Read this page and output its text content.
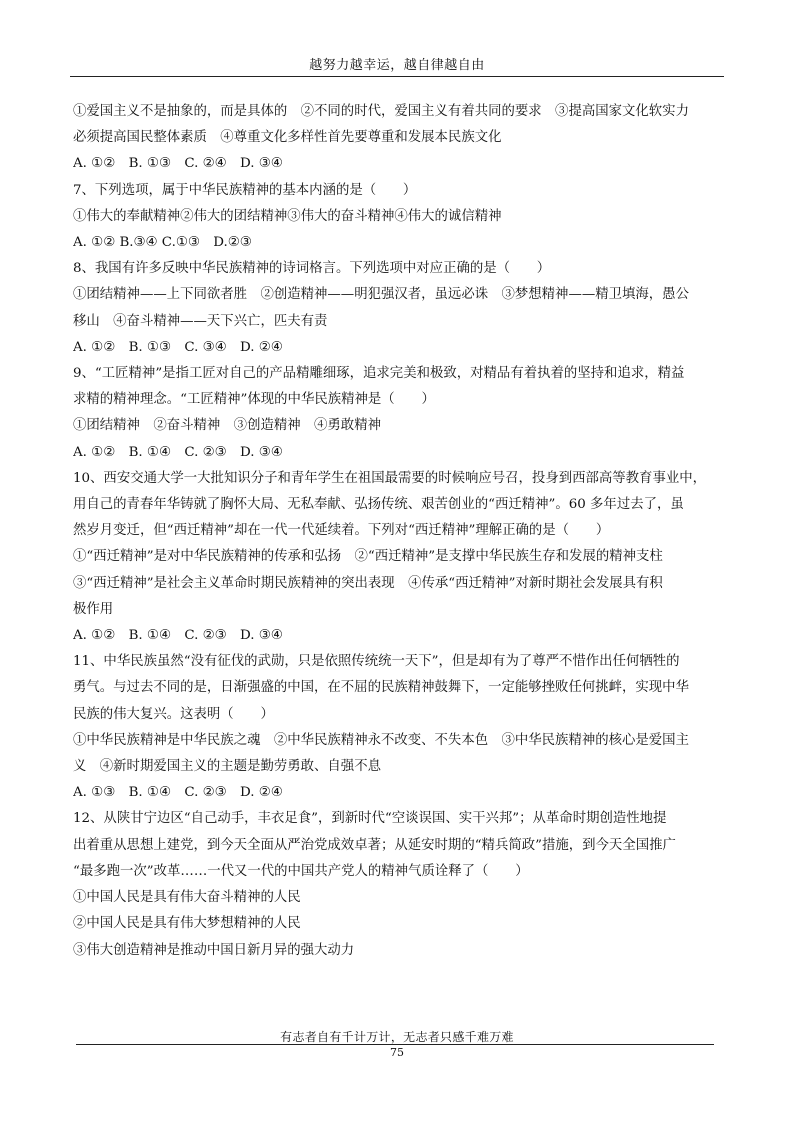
越努力越幸运，越自律越自由
①爱国主义不是抽象的，而是具体的　②不同的时代，爱国主义有着共同的要求　③提高国家文化软实力
必须提高国民整体素质　④尊重文化多样性首先要尊重和发展本民族文化
A. ①②　B. ①③　C. ②④　D. ③④
7、下列选项，属于中华民族精神的基本内涵的是（　　）
①伟大的奉献精神②伟大的团结精神③伟大的奋斗精神④伟大的诚信精神
A. ①② B.③④ C.①③　D.②③
8、我国有许多反映中华民族精神的诗词格言。下列选项中对应正确的是（　　）
①团结精神——上下同欲者胜　②创造精神——明犯强汉者，虽远必诛　③梦想精神——精卫填海，愚公
移山　④奋斗精神——天下兴亡，匹夫有责
A. ①②　B. ①③　C. ③④　D. ②④
9、“工匠精神”是指工匠对自己的产品精雕细琢，追求完美和极致，对精品有着执着的坚持和追求，精益
求精的精神理念。“工匠精神”体现的中华民族精神是（　　）
①团结精神　②奋斗精神　③创造精神　④勇敢精神
A. ①②　B. ①④　C. ②③　D. ③④
10、西安交通大学一大批知识分子和青年学生在祖国最需要的时候响应号召，投身到西部高等教育事业中，
用自己的青春年华铸就了胸怀大局、无私奉献、弘扬传统、艰苦创业的“西迁精神”。60 多年过去了，虽
然岁月变迁，但“西迁精神”却在一代一代延续着。下列对“西迁精神”理解正确的是（　　）
①“西迁精神”是对中华民族精神的传承和弘扬　②“西迁精神”是支撑中华民族生存和发展的精神支柱
③“西迁精神”是社会主义革命时期民族精神的突出表现　④传承“西迁精神”对新时期社会发展具有积
极作用
A. ①②　B. ①④　C. ②③　D. ③④
11、中华民族虽然“没有征伐的武勋，只是依照传统统一天下”，但是却有为了尊严不惜作出任何牺牲的
勇气。与过去不同的是，日渐强盛的中国，在不屈的民族精神鼓舞下，一定能够挫败任何挑衅，实现中华
民族的伟大复兴。这表明（　　）
①中华民族精神是中华民族之魂　②中华民族精神永不改变、不失本色　③中华民族精神的核心是爱国主
义　④新时期爱国主义的主题是勤劳勇敢、自强不息
A. ①③　B. ①④　C. ②③　D. ②④
12、从陕甘宁边区“自己动手，丰衣足食”，到新时代“空谈误国、实干兴邦”；从革命时期创造性地提
出着重从思想上建党，到今天全面从严治党成效卓著；从延安时期的“精兵简政”措施，到今天全国推广
“最多跑一次”改革……一代又一代的中国共产党人的精神气质诠释了（　　）
①中国人民是具有伟大奋斗精神的人民
②中国人民是具有伟大梦想精神的人民
③伟大创造精神是推动中国日新月异的强大动力
有志者自有千计万计，无志者只感千难万难
75
